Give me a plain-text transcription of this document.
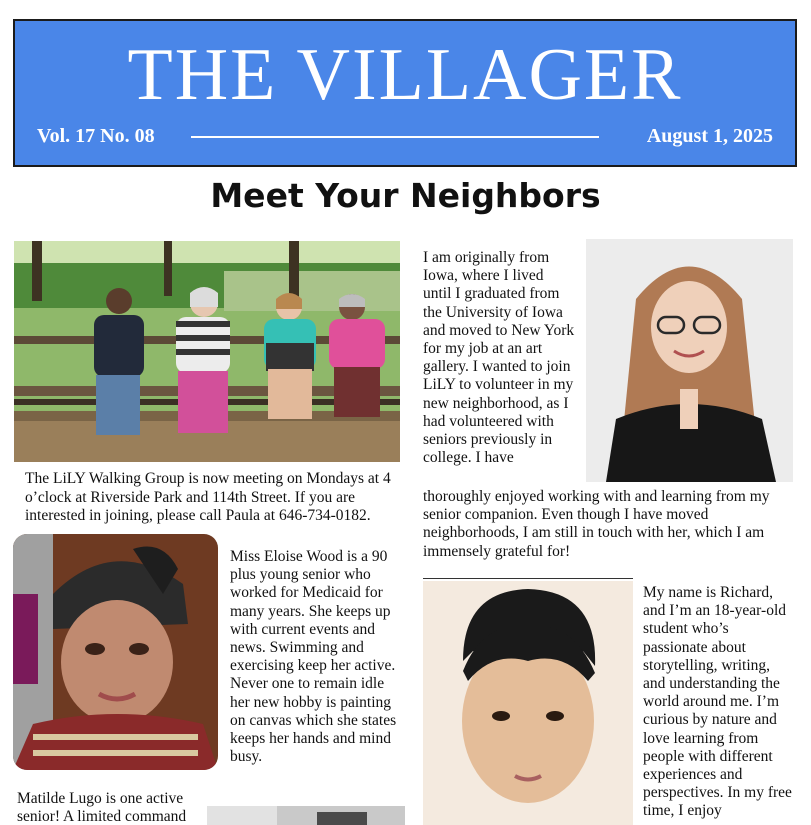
THE VILLAGER
Vol. 17 No. 08	August 1, 2025
Meet Your Neighbors
The LiLY Walking Group is now meeting on Mondays at 4 o’clock at Riverside Park and 114th Street. If you are interested in joining, please call Paula at 646-734-0182.
I am originally from Iowa, where I lived until I graduated from the University of Iowa and moved to New York for my job at an art gallery. I wanted to join LiLY to volunteer in my new neighborhood, as I had volunteered with seniors previously in college. I have
thoroughly enjoyed working with and learning from my senior companion. Even though I have moved neighborhoods, I am still in touch with her, which I am immensely grateful for!
Miss Eloise Wood is a 90 plus young senior who worked for Medicaid for many years. She keeps up with current events and news. Swimming and exercising keep her active. Never one to remain idle her new hobby is painting on canvas which she states keeps her hands and mind busy.
My name is Richard, and I’m an 18-year-old student who’s passionate about storytelling, writing, and understanding the world around me. I’m curious by nature and love learning from people with different experiences and perspectives. In my free time, I enjoy
Matilde Lugo is one active senior! A limited command
